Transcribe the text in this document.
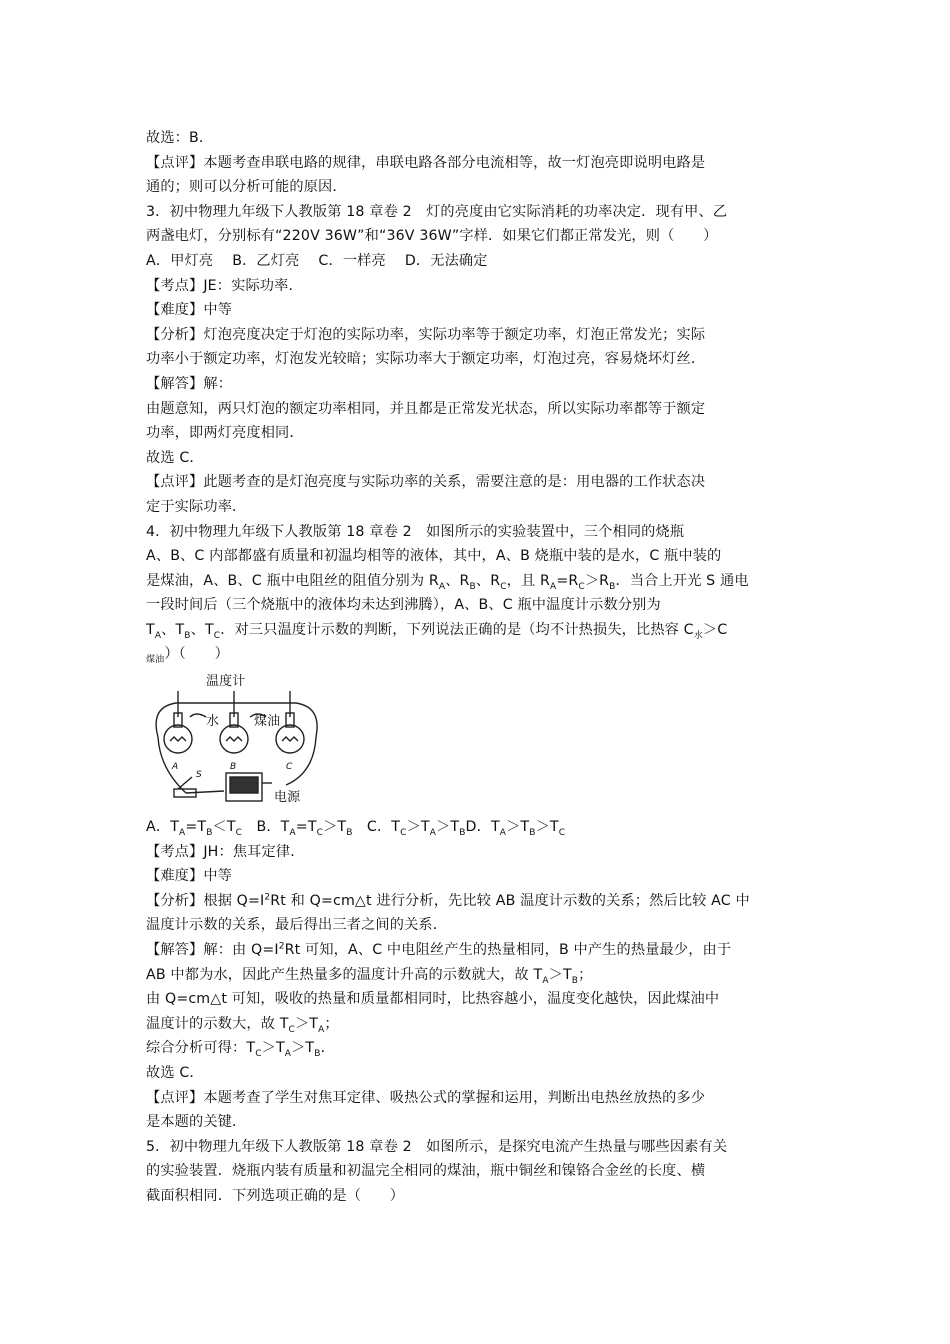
故选：B．

【点评】本题考查串联电路的规律，串联电路各部分电流相等，故一灯泡亮即说明电路是

通的；则可以分析可能的原因．

3．初中物理九年级下人教版第 18 章卷 2　灯的亮度由它实际消耗的功率决定．现有甲、乙

两盏电灯，分别标有“220V 36W”和“36V 36W”字样．如果它们都正常发光，则（　　）

A．甲灯亮　 B．乙灯亮　 C．一样亮　 D．无法确定

【考点】JE：实际功率．

【难度】中等

【分析】灯泡亮度决定于灯泡的实际功率，实际功率等于额定功率，灯泡正常发光；实际

功率小于额定功率，灯泡发光较暗；实际功率大于额定功率，灯泡过亮，容易烧坏灯丝．

【解答】解：

由题意知，两只灯泡的额定功率相同，并且都是正常发光状态，所以实际功率都等于额定

功率，即两灯亮度相同．

故选 C．

【点评】此题考查的是灯泡亮度与实际功率的关系，需要注意的是：用电器的工作状态决

定于实际功率．

4．初中物理九年级下人教版第 18 章卷 2　如图所示的实验装置中，三个相同的烧瓶

A、B、C 内部都盛有质量和初温均相等的液体，其中，A、B 烧瓶中装的是水，C 瓶中装的

是煤油，A、B、C 瓶中电阻丝的阻值分别为 $R_A$、$R_B$、$R_C$，且 $R_A=R_C>R_B$．当合上开光 S 通电

一段时间后（三个烧瓶中的液体均未达到沸腾），A、B、C 瓶中温度计示数分别为

$T_A$、$T_B$、$T_C$．对三只温度计示数的判断，下列说法正确的是（均不计热损失，比热容 $C_水>C$

$_{煤油}$）（　　）

温度计
水	煤油
电源
A	B	C
S

A．$T_A=T_B<T_C$　B．$T_A=T_C>T_B$　C．$T_C>T_A>T_BD$．$T_A>T_B>T_C$

【考点】JH：焦耳定律．

【难度】中等

【分析】根据 $Q=I^2Rt$ 和 Q=cm△t 进行分析，先比较 AB 温度计示数的关系；然后比较 AC 中

温度计示数的关系，最后得出三者之间的关系．

【解答】解：由 $Q=I^2Rt$ 可知，A、C 中电阻丝产生的热量相同，B 中产生的热量最少，由于

AB 中都为水，因此产生热量多的温度计升高的示数就大，故 $T_A>T_B$；

由 Q=cm△t 可知，吸收的热量和质量都相同时，比热容越小，温度变化越快，因此煤油中

温度计的示数大，故 $T_C>T_A$；

综合分析可得：$T_C>T_A>T_B$．

故选 C．

【点评】本题考查了学生对焦耳定律、吸热公式的掌握和运用，判断出电热丝放热的多少

是本题的关键．

5．初中物理九年级下人教版第 18 章卷 2　如图所示，是探究电流产生热量与哪些因素有关

的实验装置．烧瓶内装有质量和初温完全相同的煤油，瓶中铜丝和镍铬合金丝的长度、横

截面积相同．下列选项正确的是（　　）
